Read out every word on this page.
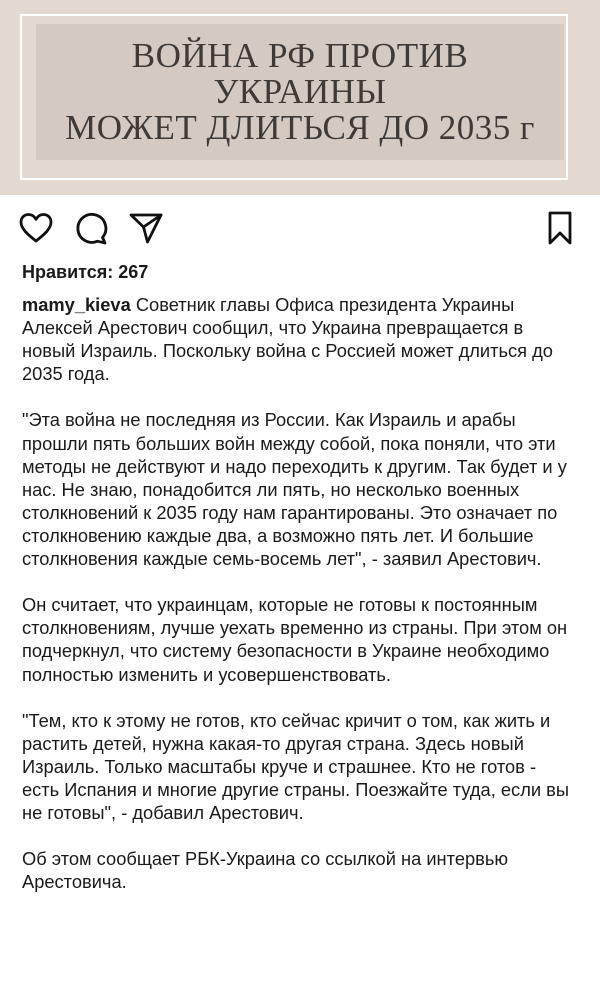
ВОЙНА РФ ПРОТИВ
УКРАИНЫ
МОЖЕТ ДЛИТЬСЯ ДО 2035 г
Нравится: 267

mamy_kieva Советник главы Офиса президента Украины Алексей Арестович сообщил, что Украина превращается в новый Израиль. Поскольку война с Россией может длиться до 2035 года.

"Эта война не последняя из России. Как Израиль и арабы прошли пять больших войн между собой, пока поняли, что эти методы не действуют и надо переходить к другим. Так будет и у нас. Не знаю, понадобится ли пять, но несколько военных столкновений к 2035 году нам гарантированы. Это означает по столкновению каждые два, а возможно пять лет. И большие столкновения каждые семь-восемь лет", - заявил Арестович.

Он считает, что украинцам, которые не готовы к постоянным столкновениям, лучше уехать временно из страны. При этом он подчеркнул, что систему безопасности в Украине необходимо полностью изменить и усовершенствовать.

"Тем, кто к этому не готов, кто сейчас кричит о том, как жить и растить детей, нужна какая-то другая страна. Здесь новый Израиль. Только масштабы круче и страшнее. Кто не готов - есть Испания и многие другие страны. Поезжайте туда, если вы не готовы", - добавил Арестович.

Об этом сообщает РБК-Украина со ссылкой на интервью Арестовича.
